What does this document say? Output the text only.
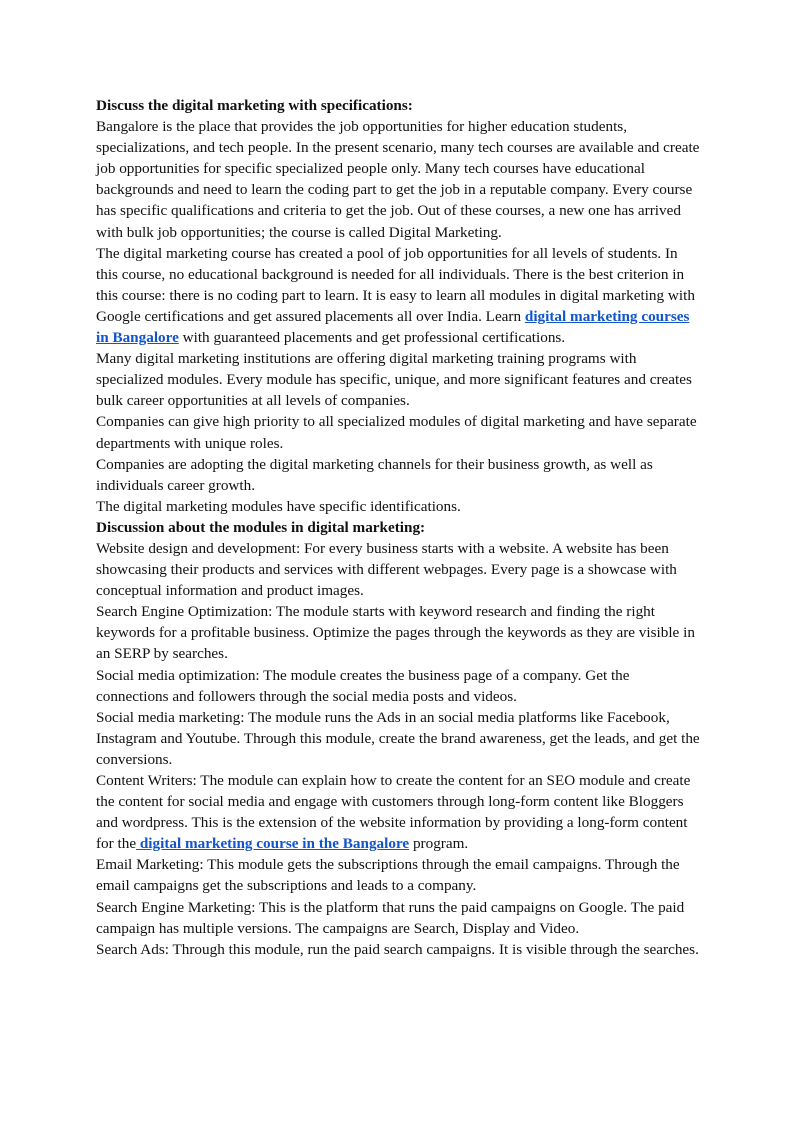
Discuss the digital marketing with specifications:

Bangalore is the place that provides the job opportunities for higher education students, specializations, and tech people. In the present scenario, many tech courses are available and create job opportunities for specific specialized people only. Many tech courses have educational backgrounds and need to learn the coding part to get the job in a reputable company. Every course has specific qualifications and criteria to get the job. Out of these courses, a new one has arrived with bulk job opportunities; the course is called Digital Marketing.

The digital marketing course has created a pool of job opportunities for all levels of students. In this course, no educational background is needed for all individuals. There is the best criterion in this course: there is no coding part to learn. It is easy to learn all modules in digital marketing with Google certifications and get assured placements all over India. Learn digital marketing courses in Bangalore with guaranteed placements and get professional certifications.

Many digital marketing institutions are offering digital marketing training programs with specialized modules. Every module has specific, unique, and more significant features and creates bulk career opportunities at all levels of companies.

Companies can give high priority to all specialized modules of digital marketing and have separate departments with unique roles.

Companies are adopting the digital marketing channels for their business growth, as well as individuals career growth.

The digital marketing modules have specific identifications.

Discussion about the modules in digital marketing:

Website design and development: For every business starts with a website. A website has been showcasing their products and services with different webpages. Every page is a showcase with conceptual information and product images.

Search Engine Optimization: The module starts with keyword research and finding the right keywords for a profitable business. Optimize the pages through the keywords as they are visible in an SERP by searches.

Social media optimization: The module creates the business page of a company. Get the connections and followers through the social media posts and videos.

Social media marketing: The module runs the Ads in an social media platforms like Facebook, Instagram and Youtube. Through this module, create the brand awareness, get the leads, and get the conversions.

Content Writers: The module can explain how to create the content for an SEO module and create the content for social media and engage with customers through long-form content like Bloggers and wordpress. This is the extension of the website information by providing a long-form content for the digital marketing course in the Bangalore program.

Email Marketing: This module gets the subscriptions through the email campaigns. Through the email campaigns get the subscriptions and leads to a company.

Search Engine Marketing: This is the platform that runs the paid campaigns on Google. The paid campaign has multiple versions. The campaigns are Search, Display and Video.

Search Ads: Through this module, run the paid search campaigns. It is visible through the searches.
